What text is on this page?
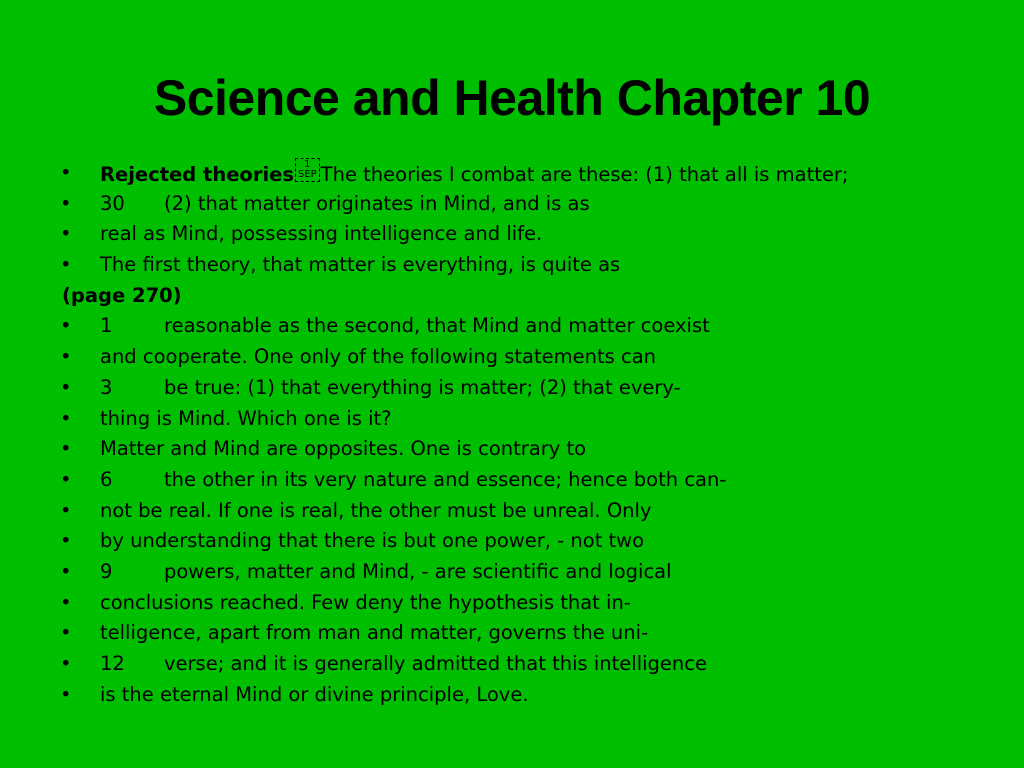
Science and Health Chapter 10
• Rejected theories	1
SEP The theories I combat are these: (1) that all is matter;
• 30 (2) that matter originates in Mind, and is as
• real as Mind, possessing intelligence and life.
• The first theory, that matter is everything, is quite as
(page 270)
• 1	reasonable as the second, that Mind and matter coexist
• and cooperate. One only of the following statements can
• 3	be true: (1) that everything is matter; (2) that every-
• thing is Mind. Which one is it?
• Matter and Mind are opposites. One is contrary to
• 6	the other in its very nature and essence; hence both can-
• not be real. If one is real, the other must be unreal. Only
• by understanding that there is but one power, - not two
• 9	powers, matter and Mind, - are scientific and logical
• conclusions reached. Few deny the hypothesis that in-
• telligence, apart from man and matter, governs the uni-
• 12 verse; and it is generally admitted that this intelligence
• is the eternal Mind or divine principle, Love.
